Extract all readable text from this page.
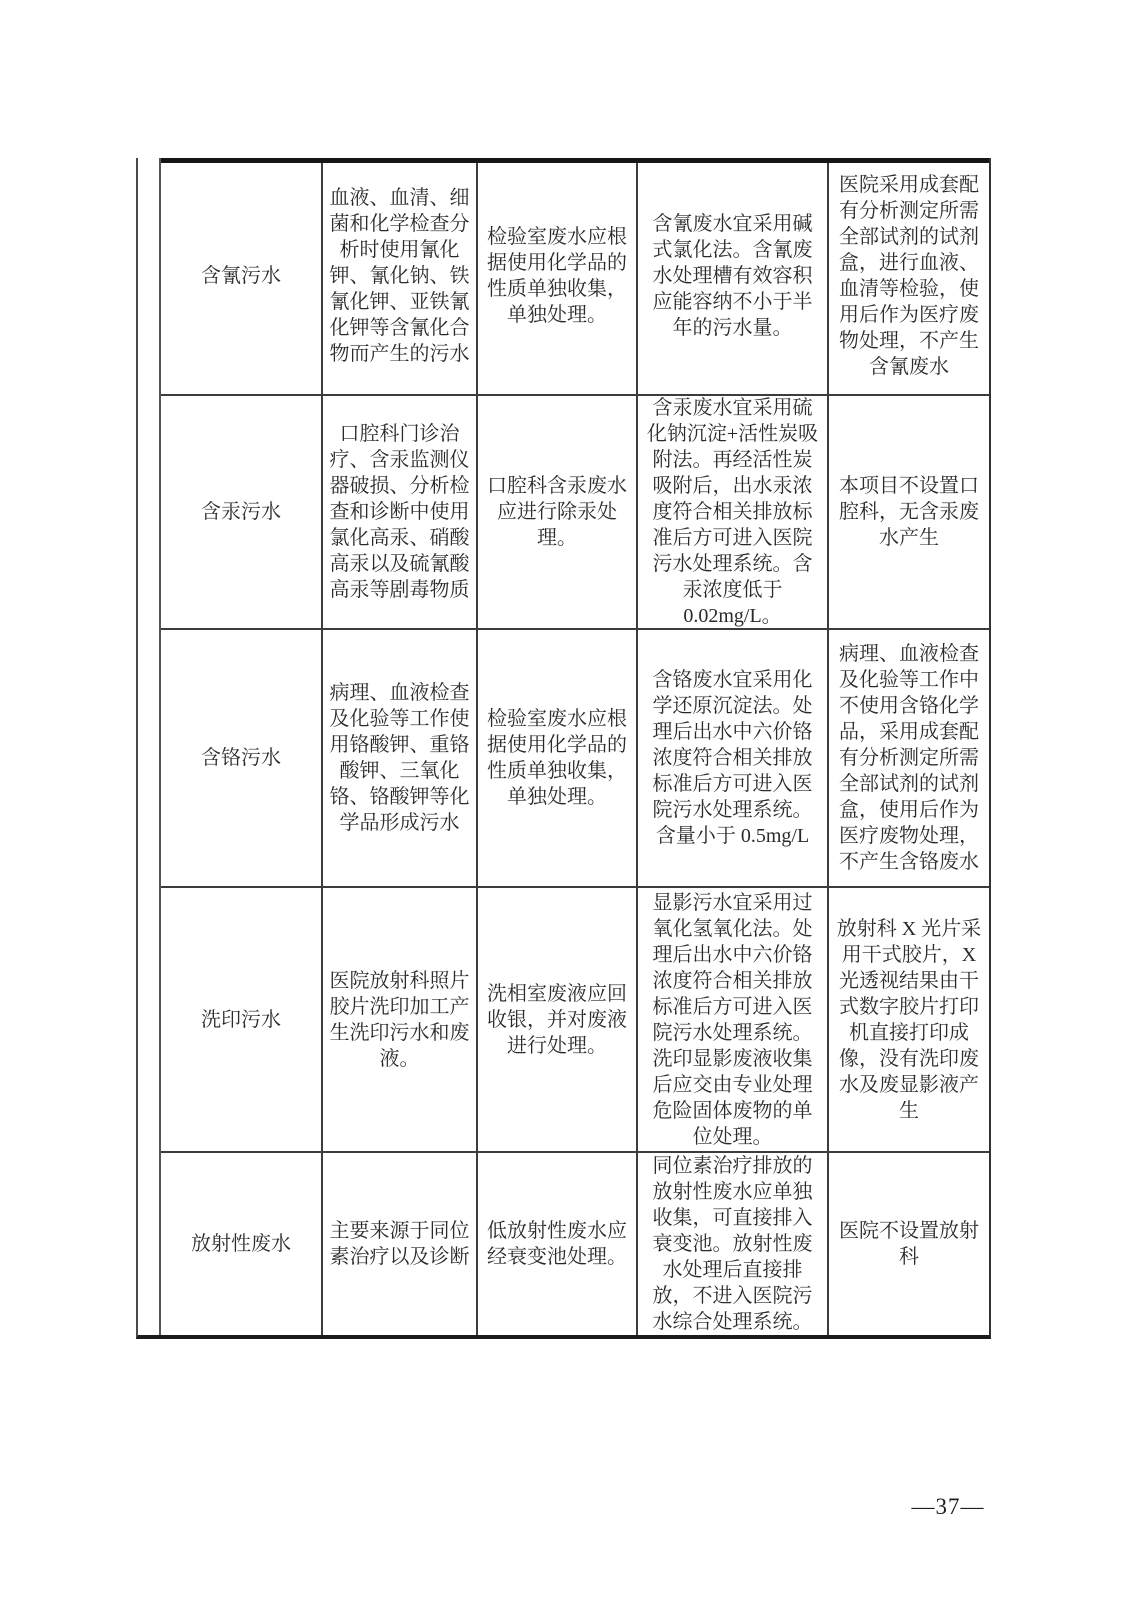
含氰污水
血液、血清、细菌和化学检查分析时使用氰化钾、氰化钠、铁氰化钾、亚铁氰化钾等含氰化合物而产生的污水
检验室废水应根据使用化学品的性质单独收集，单独处理。
含氰废水宜采用碱式氯化法。含氰废水处理槽有效容积应能容纳不小于半年的污水量。
医院采用成套配有分析测定所需全部试剂的试剂盒，进行血液、血清等检验，使用后作为医疗废物处理，不产生含氰废水
含汞污水
口腔科门诊治疗、含汞监测仪器破损、分析检查和诊断中使用氯化高汞、硝酸高汞以及硫氰酸高汞等剧毒物质
口腔科含汞废水应进行除汞处理。
含汞废水宜采用硫化钠沉淀+活性炭吸附法。再经活性炭吸附后，出水汞浓度符合相关排放标准后方可进入医院污水处理系统。含汞浓度低于 0.02mg/L。
本项目不设置口腔科，无含汞废水产生
含铬污水
病理、血液检查及化验等工作使用铬酸钾、重铬酸钾、三氧化铬、铬酸钾等化学品形成污水
检验室废水应根据使用化学品的性质单独收集，单独处理。
含铬废水宜采用化学还原沉淀法。处理后出水中六价铬浓度符合相关排放标准后方可进入医院污水处理系统。含量小于 0.5mg/L
病理、血液检查及化验等工作中不使用含铬化学品，采用成套配有分析测定所需全部试剂的试剂盒，使用后作为医疗废物处理，不产生含铬废水
洗印污水
医院放射科照片胶片洗印加工产生洗印污水和废液。
洗相室废液应回收银，并对废液进行处理。
显影污水宜采用过氧化氢氧化法。处理后出水中六价铬浓度符合相关排放标准后方可进入医院污水处理系统。洗印显影废液收集后应交由专业处理危险固体废物的单位处理。
放射科 X 光片采用干式胶片，X 光透视结果由干式数字胶片打印机直接打印成像，没有洗印废水及废显影液产生
放射性废水
主要来源于同位素治疗以及诊断
低放射性废水应经衰变池处理。
同位素治疗排放的放射性废水应单独收集，可直接排入衰变池。放射性废水处理后直接排放，不进入医院污水综合处理系统。
医院不设置放射科
—37—
